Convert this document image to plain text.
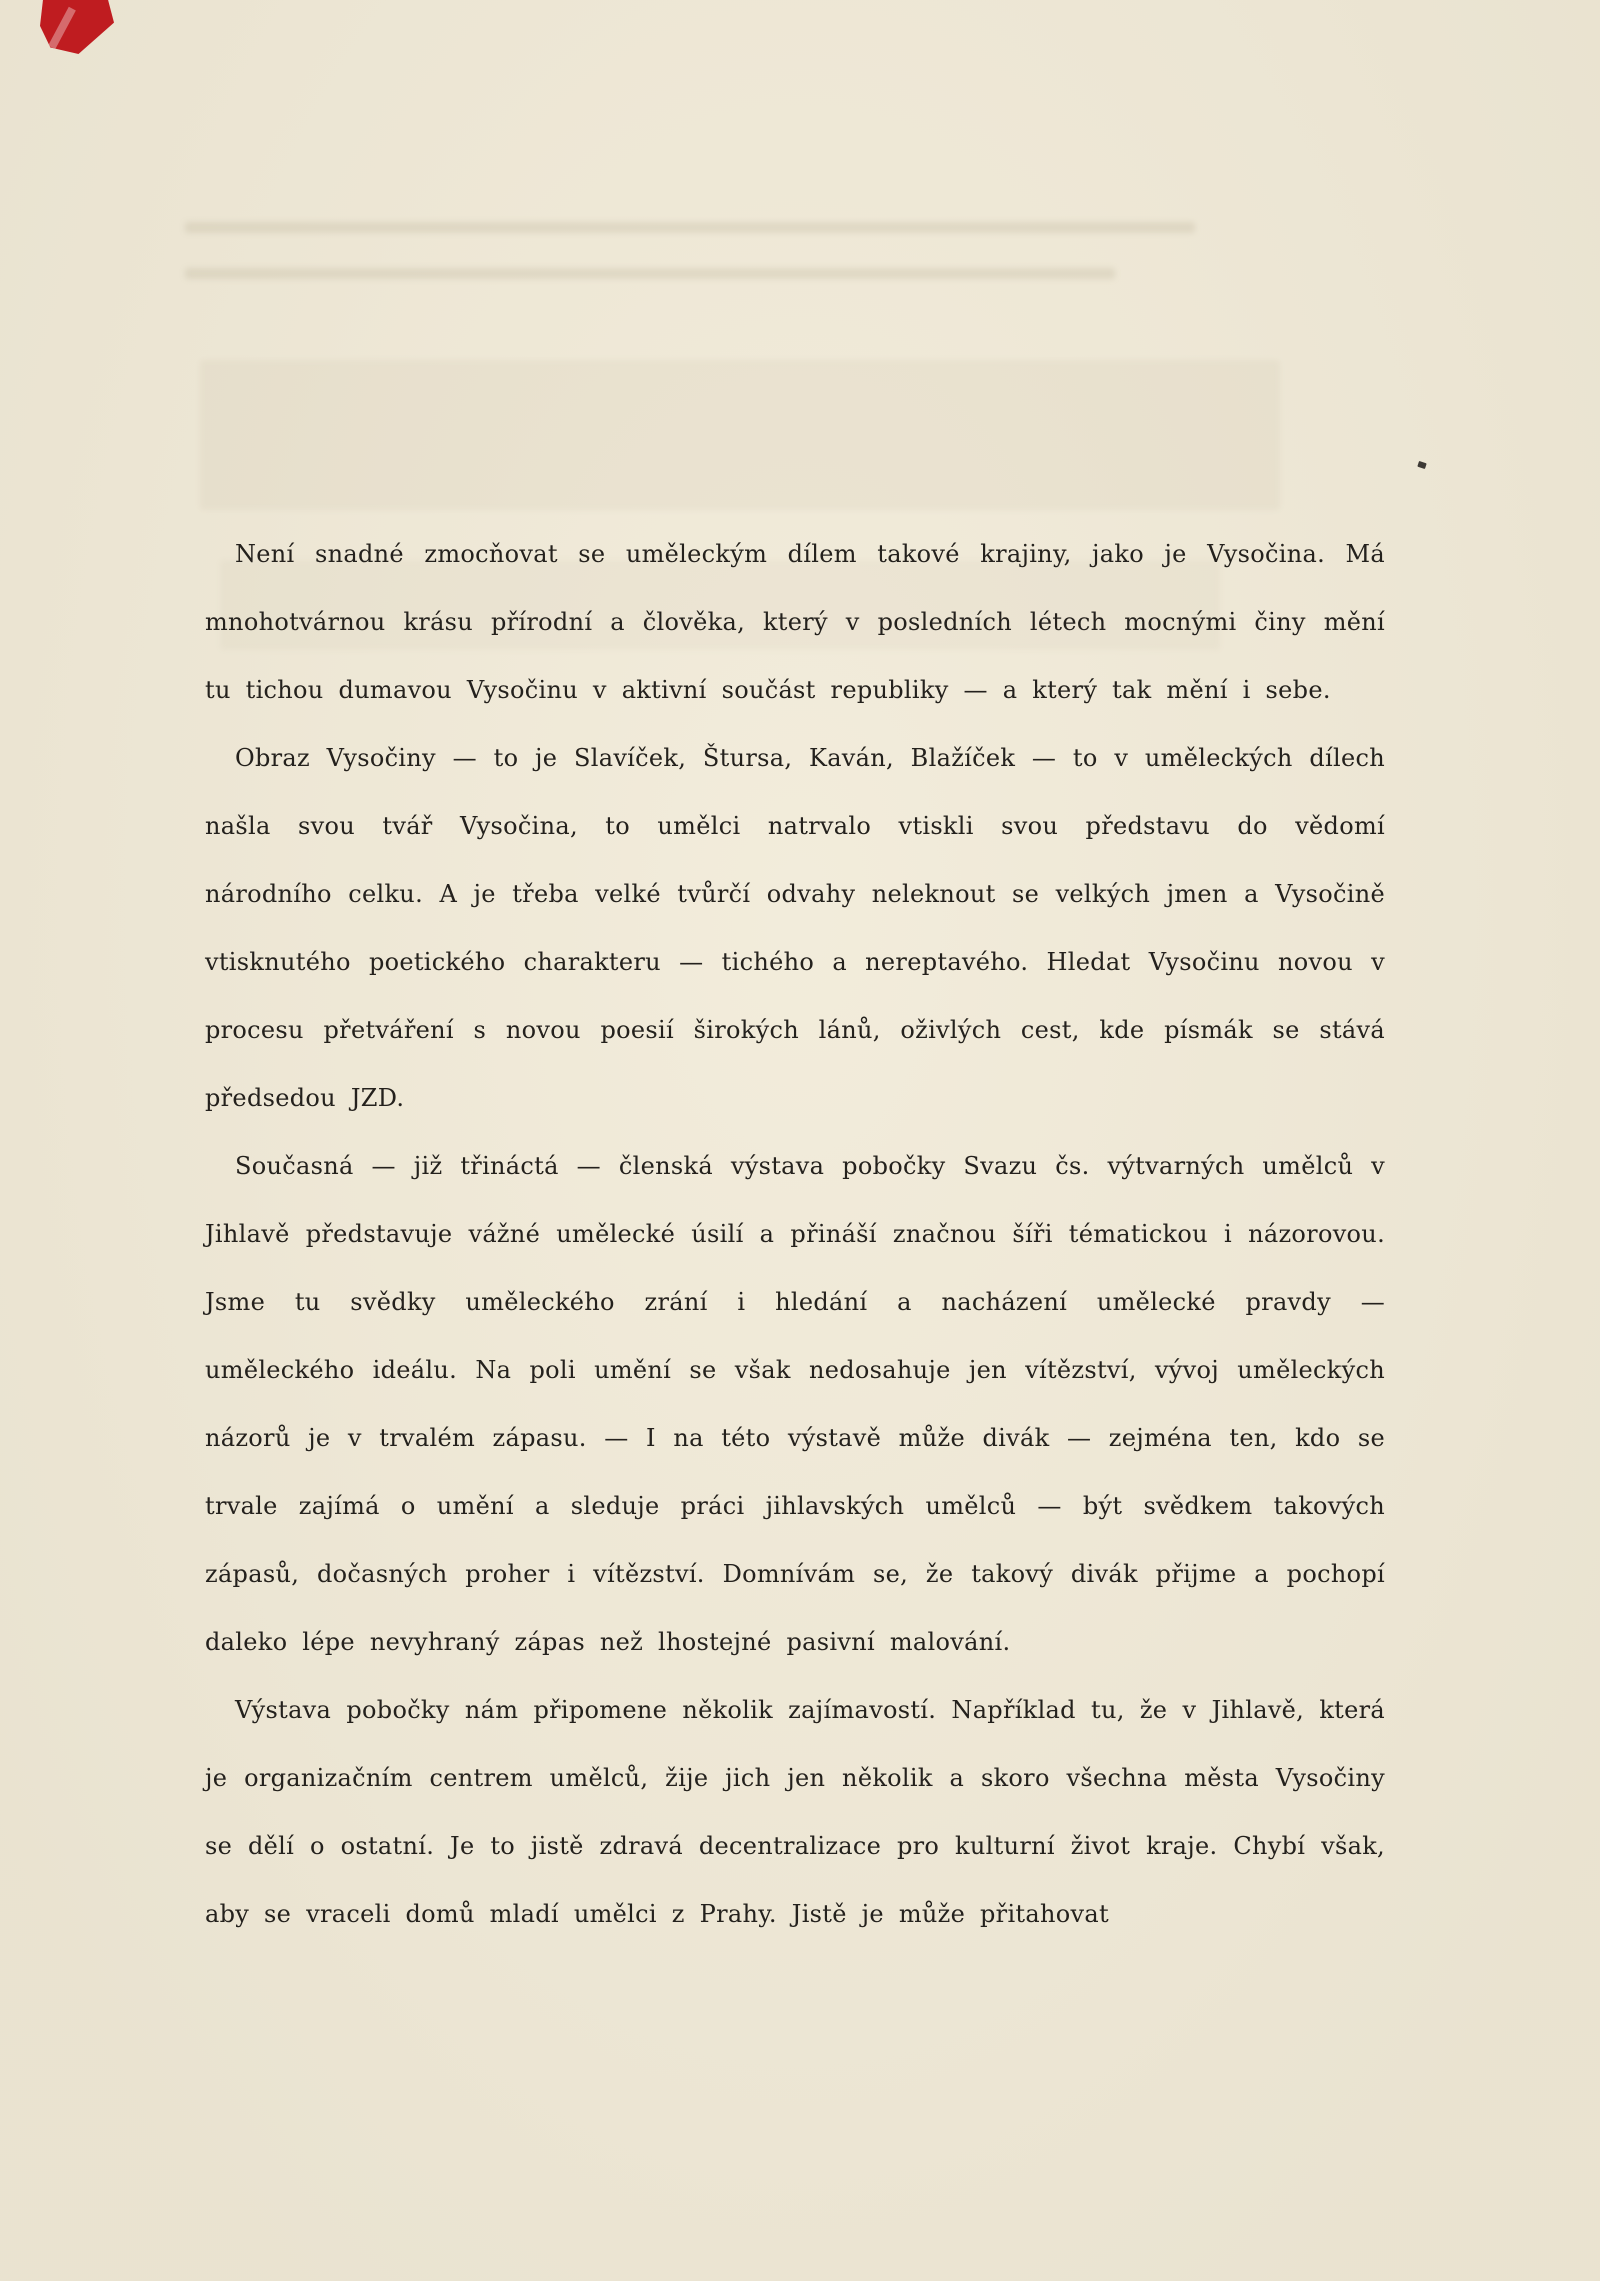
Není snadné zmocňovat se uměleckým dílem takové krajiny, jako je Vysočina. Má mnohotvárnou krásu přírodní a člověka, který v posledních létech mocnými činy mění tu tichou dumavou Vysočinu v aktivní součást republiky — a který tak mění i sebe.

Obraz Vysočiny — to je Slavíček, Štursa, Kaván, Blažíček — to v uměleckých dílech našla svou tvář Vysočina, to umělci natrvalo vtiskli svou představu do vědomí národního celku. A je třeba velké tvůrčí odvahy neleknout se velkých jmen a Vysočině vtisknutého poetického charakteru — tichého a nereptavého. Hledat Vysočinu novou v procesu přetváření s novou poesií širokých lánů, oživlých cest, kde písmák se stává předsedou JZD.

Současná — již třináctá — členská výstava pobočky Svazu čs. výtvarných umělců v Jihlavě představuje vážné umělecké úsilí a přináší značnou šíři tématickou i názorovou. Jsme tu svědky uměleckého zrání i hledání a nacházení umělecké pravdy — uměleckého ideálu. Na poli umění se však nedosahuje jen vítězství, vývoj uměleckých názorů je v trvalém zápasu. — I na této výstavě může divák — zejména ten, kdo se trvale zajímá o umění a sleduje práci jihlavských umělců — být svědkem takových zápasů, dočasných proher i vítězství. Domnívám se, že takový divák přijme a pochopí daleko lépe nevyhraný zápas než lhostejné pasivní malování.

Výstava pobočky nám připomene několik zajímavostí. Například tu, že v Jihlavě, která je organizačním centrem umělců, žije jich jen několik a skoro všechna města Vysočiny se dělí o ostatní. Je to jistě zdravá decentralizace pro kulturní život kraje. Chybí však, aby se vraceli domů mladí umělci z Prahy. Jistě je může přitahovat
